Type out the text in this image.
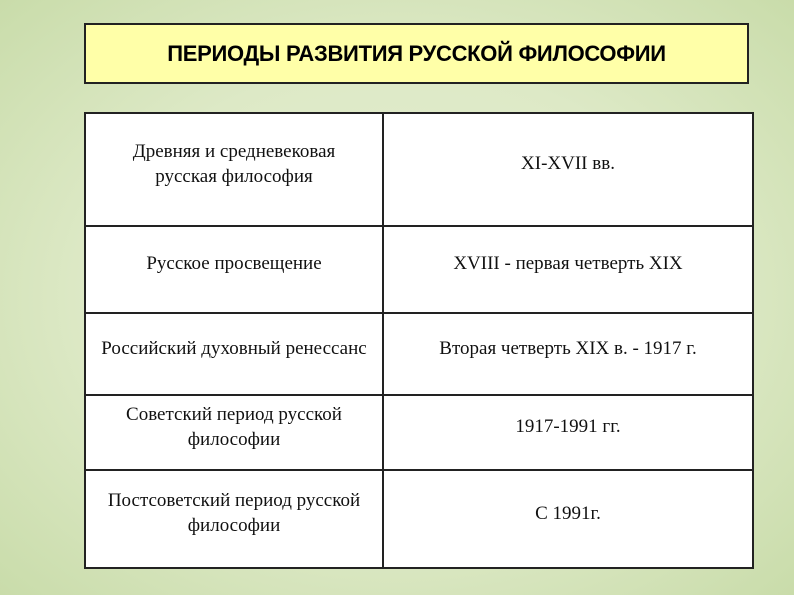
ПЕРИОДЫ РАЗВИТИЯ РУССКОЙ ФИЛОСОФИИ
Древняя и средневековая русская философия	XI-XVII вв.

Русское просвещение	XVIII - первая четверть XIX

Российский духовный ренессанс	Вторая четверть XIX в. - 1917 г.

Советский период русской философии	1917-1991 гг.

Постсоветский период русской философии	С 1991г.
